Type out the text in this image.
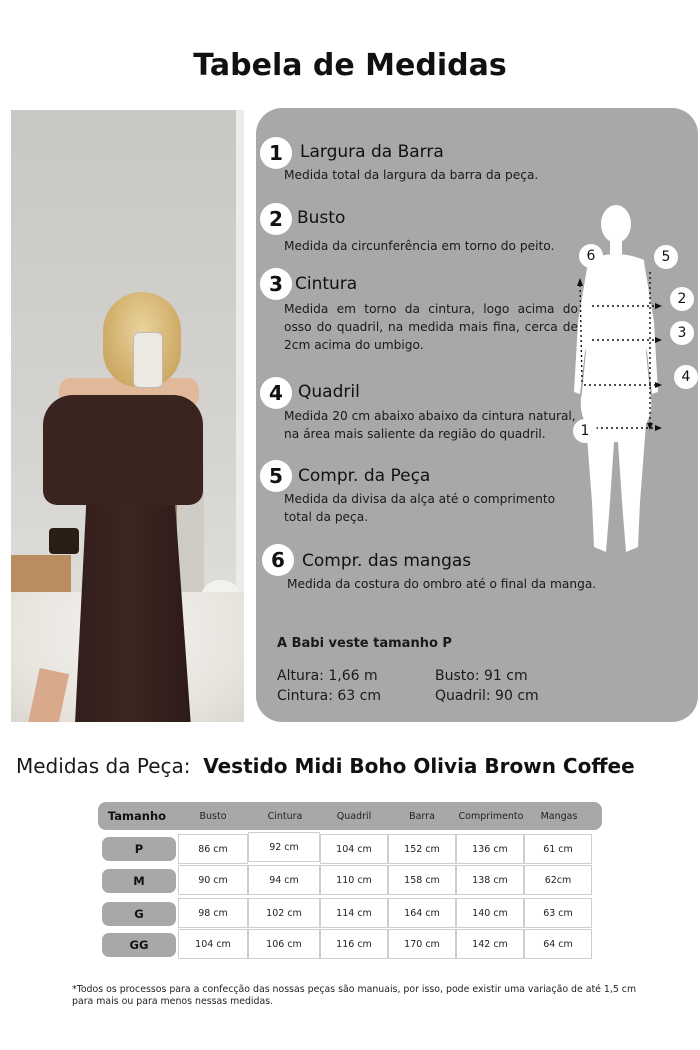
Tabela de Medidas
1	Largura da Barra
Medida total da largura da barra da peça.
2 Busto
Medida da circunferência em torno do peito.
3 Cintura
Medida em torno da cintura, logo acima do osso do quadril, na medida mais fina, cerca de 2cm acima do umbigo.
4 Quadril
Medida 20 cm abaixo abaixo da cintura natural, na área mais saliente da região do quadril.
5 Compr. da Peça
Medida da divisa da alça até o comprimento total da peça.
6	Compr. das mangas
Medida da costura do ombro até o final da manga.
A Babi veste tamanho P
Altura: 1,66 m	Busto: 91 cm
Cintura: 63 cm	Quadril: 90 cm
6	5
2
3
4
1
Medidas da Peça: Vestido Midi Boho Olivia Brown Coffee
Tamanho	Busto	Cintura	Quadril	Barra	Comprimento	Mangas
P	86 cm	92 cm	104 cm	152 cm	136 cm	61 cm
M	90 cm	94 cm	110 cm	158 cm	138 cm	62cm
G	98 cm	102 cm	114 cm	164 cm	140 cm	63 cm
GG	104 cm	106 cm	116 cm	170 cm	142 cm	64 cm

*Todos os processos para a confecção das nossas peças são manuais, por isso, pode existir uma variação de até 1,5 cm para mais ou para menos nessas medidas.
